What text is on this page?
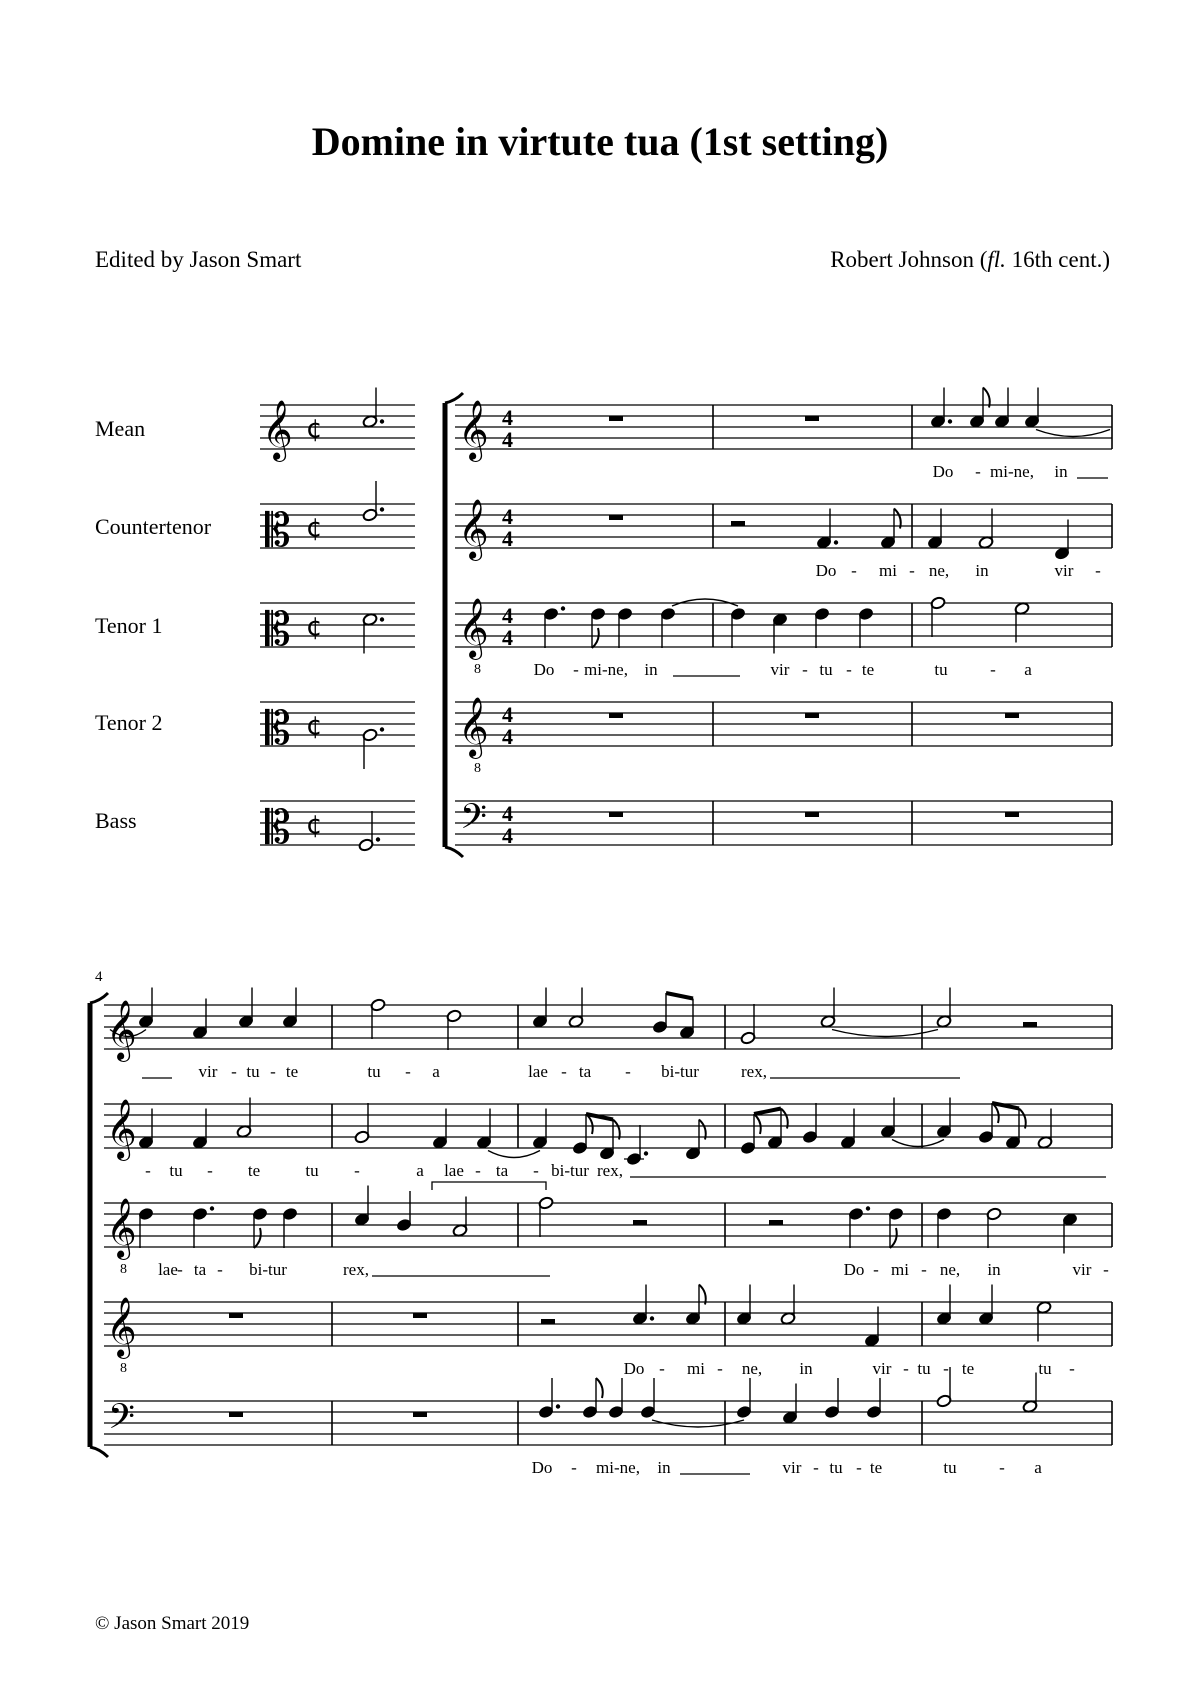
Domine in virtute tua (1st setting)
Edited by Jason Smart	Robert Johnson (fl. 16th cent.)
Mean
Countertenor
Tenor 1
Tenor 2
Bass
© Jason Smart 2019
𝄞 ¢
𝄡 ¢
𝄡 ¢
𝄡 ¢
𝄡 ¢
𝄞 4
4
𝄞 4
4
𝄞
8
4
4
𝄞
8
4
4
𝄢 4
4
Do - mi-ne, in
Do - mi - ne, in	vir -
Do - mi-ne, in	vir - tu - te	tu	- a
4
𝄞
𝄞
𝄞
8
𝄞
8
𝄢
vir - tu - te	tu - a	lae - ta - bi-tur rex,
- tu - te	tu -	a lae - ta - bi-tur rex,
lae - ta - bi-tur	rex,	Do - mi - ne, in	vir -
Do - mi - ne, in	vir - tu - te	tu -
Do - mi-ne, in	vir - tu - te	tu	- a
